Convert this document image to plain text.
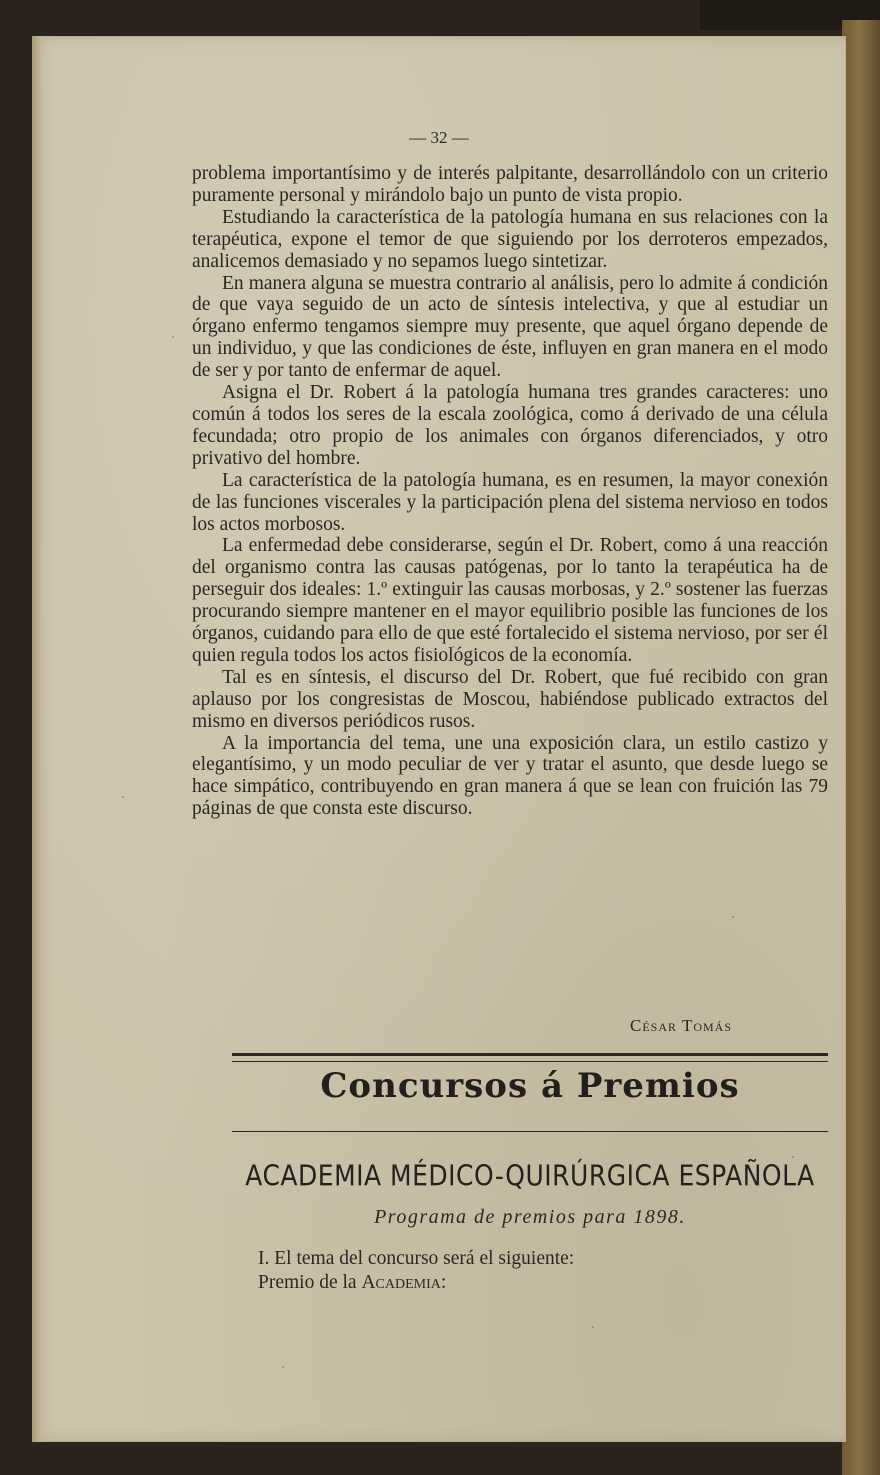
— 32 —

problema importantísimo y de interés palpitante, desarrollándolo con un criterio puramente personal y mirándolo bajo un punto de vista propio.

Estudiando la característica de la patología humana en sus relaciones con la terapéutica, expone el temor de que siguiendo por los derroteros empezados, analicemos demasiado y no sepamos luego sintetizar.

En manera alguna se muestra contrario al análisis, pero lo admite á condición de que vaya seguido de un acto de síntesis intelectiva, y que al estudiar un órgano enfermo tengamos siempre muy presente, que aquel órgano depende de un individuo, y que las condiciones de éste, influyen en gran manera en el modo de ser y por tanto de enfermar de aquel.

Asigna el Dr. Robert á la patología humana tres grandes caracteres: uno común á todos los seres de la escala zoológica, como á derivado de una célula fecundada; otro propio de los animales con órganos diferenciados, y otro privativo del hombre.

La característica de la patología humana, es en resumen, la mayor conexión de las funciones viscerales y la participación plena del sistema nervioso en todos los actos morbosos.

La enfermedad debe considerarse, según el Dr. Robert, como á una reacción del organismo contra las causas patógenas, por lo tanto la terapéutica ha de perseguir dos ideales: 1.º extinguir las causas morbosas, y 2.º sostener las fuerzas procurando siempre mantener en el mayor equilibrio posible las funciones de los órganos, cuidando para ello de que esté fortalecido el sistema nervioso, por ser él quien regula todos los actos fisiológicos de la economía.

Tal es en síntesis, el discurso del Dr. Robert, que fué recibido con gran aplauso por los congresistas de Moscou, habiéndose publicado extractos del mismo en diversos periódicos rusos.

A la importancia del tema, une una exposición clara, un estilo castizo y elegantísimo, y un modo peculiar de ver y tratar el asunto, que desde luego se hace simpático, contribuyendo en gran manera á que se lean con fruición las 79 páginas de que consta este discurso.

César Tomás
Concursos á Premios
ACADEMIA MÉDICO-QUIRÚRGICA ESPAÑOLA
Programa de premios para 1898.
I. El tema del concurso será el siguiente:
Premio de la Academia:
